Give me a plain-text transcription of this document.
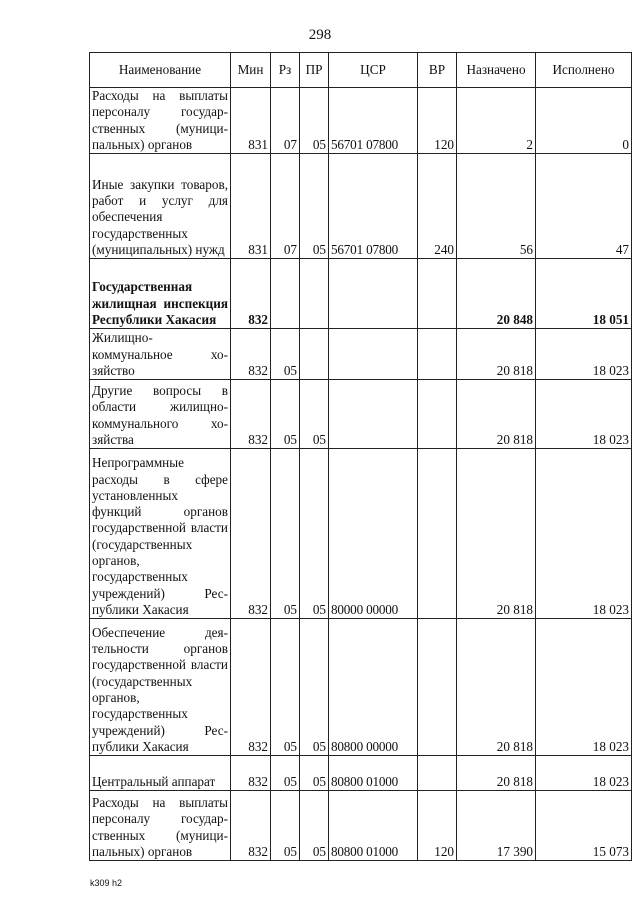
298
Наименование	Мин	Рз	ПР	ЦСР	ВР	Назначено	Исполнено
Расходы на выплаты персоналу государственных (муниципальных) органов	831	07	05	56701 07800	120	2	0
Иные закупки товаров, работ и услуг для обеспечения государственных (муниципальных) нужд	831	07	05	56701 07800	240	56	47
Государственная жилищная инспекция Республики Хакасия	832					20 848	18 051
Жилищно-коммунальное хозяйство	832	05				20 818	18 023
Другие вопросы в области жилищно-коммунального хозяйства	832	05	05			20 818	18 023
Непрограммные расходы в сфере установленных функций органов государственной власти (государственных органов, государственных учреждений) Республики Хакасия	832	05	05	80000 00000		20 818	18 023
Обеспечение деятельности органов государственной власти (государственных органов, государственных учреждений) Республики Хакасия	832	05	05	80800 00000		20 818	18 023
Центральный аппарат	832	05	05	80800 01000		20 818	18 023
Расходы на выплаты персоналу государственных (муниципальных) органов	832	05	05	80800 01000	120	17 390	15 073
k309 h2
